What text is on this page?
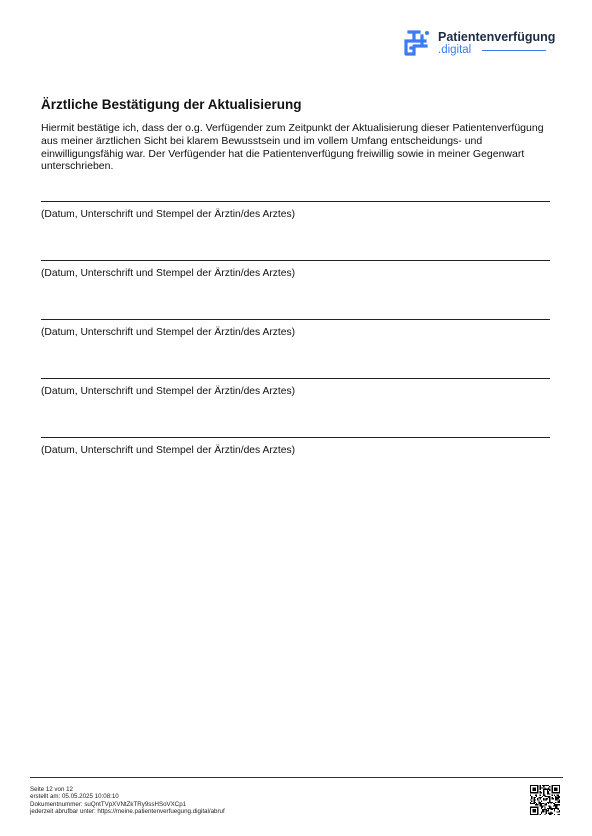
Patientenverfügung
.digital
Ärztliche Bestätigung der Aktualisierung

Hiermit bestätige ich, dass der o.g. Verfügender zum Zeitpunkt der Aktualisierung dieser Patientenverfügung aus meiner ärztlichen Sicht bei klarem Bewusstsein und im vollem Umfang entscheidungs- und einwilligungsfähig war. Der Verfügender hat die Patientenverfügung freiwillig sowie in meiner Gegenwart unterschrieben.

(Datum, Unterschrift und Stempel der Ärztin/des Arztes)
(Datum, Unterschrift und Stempel der Ärztin/des Arztes)
(Datum, Unterschrift und Stempel der Ärztin/des Arztes)
(Datum, Unterschrift und Stempel der Ärztin/des Arztes)
(Datum, Unterschrift und Stempel der Ärztin/des Arztes)
Seite 12 von 12
erstellt am: 05.05.2025 10:08:10
Dokumentnummer: suQntTVpXVNtZkTRy9ssHSoVXCp1
jederzeit abrufbar unter: https://meine.patientenverfuegung.digital/abruf
